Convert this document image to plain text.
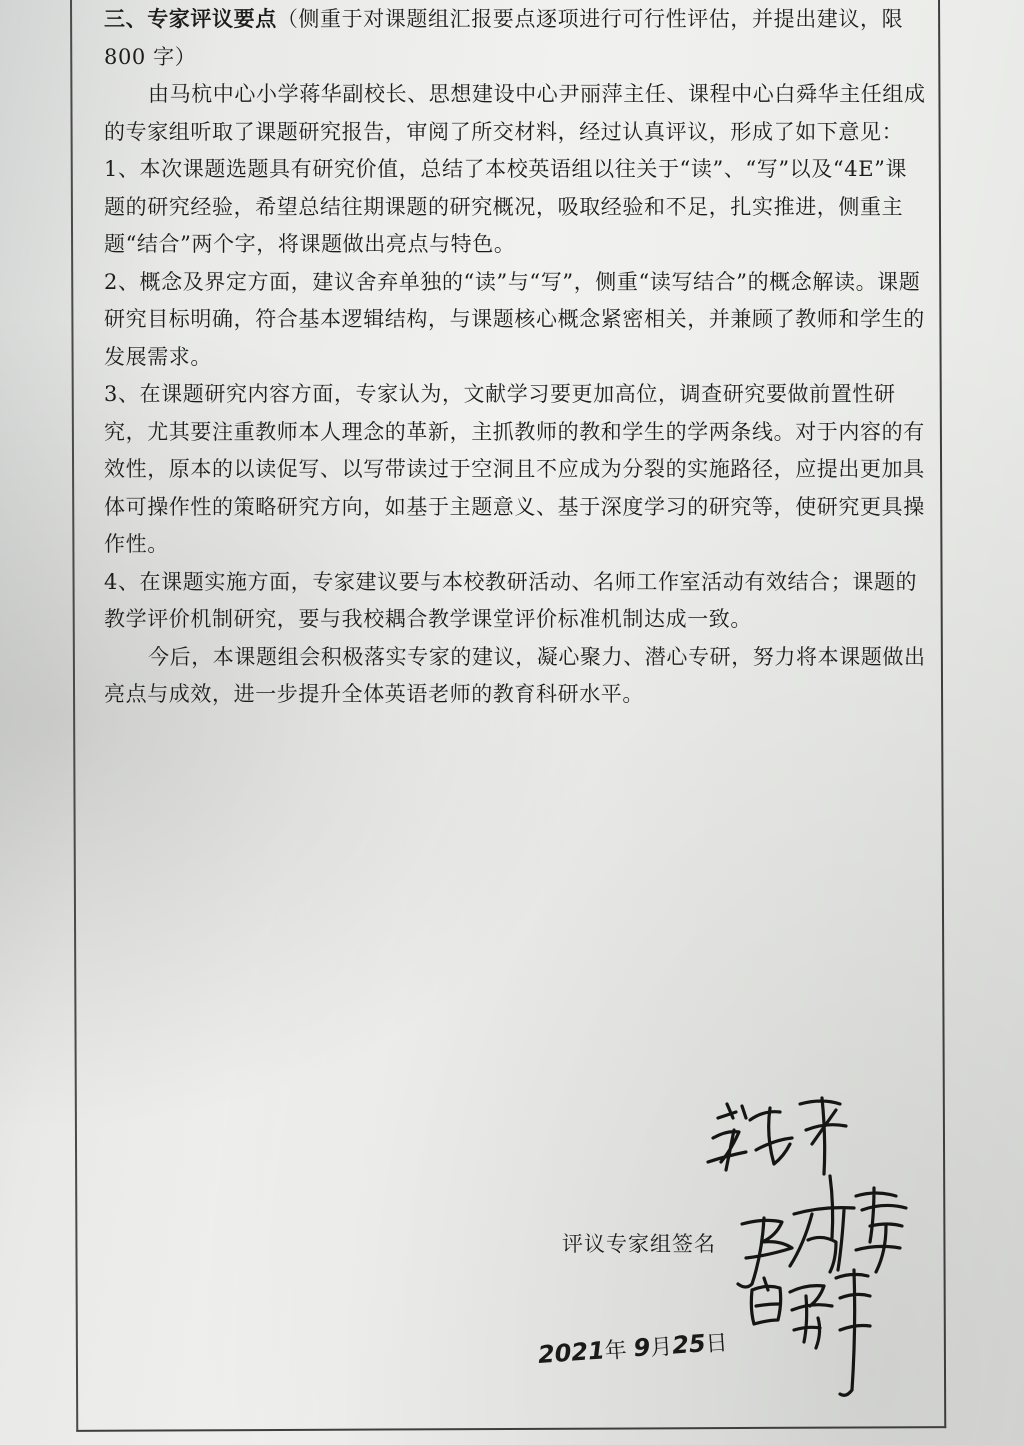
三、专家评议要点（侧重于对课题组汇报要点逐项进行可行性评估，并提出建议，限 800 字）

由马杭中心小学蒋华副校长、思想建设中心尹丽萍主任、课程中心白舜华主任组成的专家组听取了课题研究报告，审阅了所交材料，经过认真评议，形成了如下意见：

1、本次课题选题具有研究价值，总结了本校英语组以往关于“读”、“写”以及“4E”课题的研究经验，希望总结往期课题的研究概况，吸取经验和不足，扎实推进，侧重主题“结合”两个字，将课题做出亮点与特色。

2、概念及界定方面，建议舍弃单独的“读”与“写”，侧重“读写结合”的概念解读。课题研究目标明确，符合基本逻辑结构，与课题核心概念紧密相关，并兼顾了教师和学生的发展需求。

3、在课题研究内容方面，专家认为，文献学习要更加高位，调查研究要做前置性研究，尤其要注重教师本人理念的革新，主抓教师的教和学生的学两条线。对于内容的有效性，原本的以读促写、以写带读过于空洞且不应成为分裂的实施路径，应提出更加具体可操作性的策略研究方向，如基于主题意义、基于深度学习的研究等，使研究更具操作性。

4、在课题实施方面，专家建议要与本校教研活动、名师工作室活动有效结合；课题的教学评价机制研究，要与我校耦合教学课堂评价标准机制达成一致。

今后，本课题组会积极落实专家的建议，凝心聚力、潜心专研，努力将本课题做出亮点与成效，进一步提升全体英语老师的教育科研水平。

评议专家组签名
2021年 9月25日
